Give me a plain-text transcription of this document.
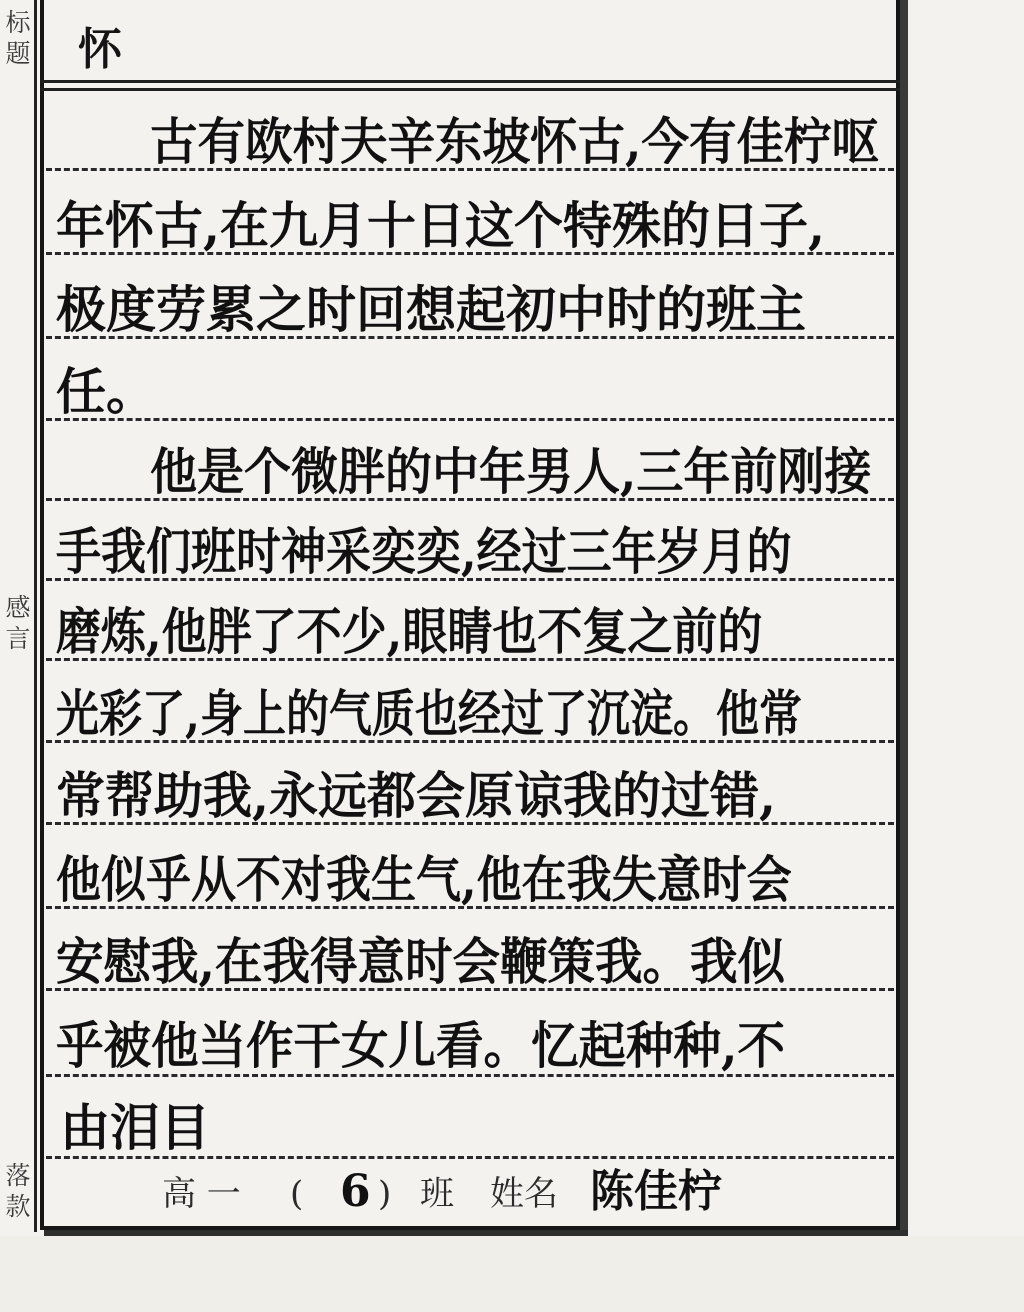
标题
感言
落款
怀
古有欧村夫辛东坡怀古,今有佳柠呕
年怀古,在九月十日这个特殊的日子,
极度劳累之时回想起初中时的班主
任。
他是个微胖的中年男人,三年前刚接
手我们班时神采奕奕,经过三年岁月的
磨炼,他胖了不少,眼睛也不复之前的
光彩了,身上的气质也经过了沉淀。他常
常帮助我,永远都会原谅我的过错,
他似乎从不对我生气,他在我失意时会
安慰我,在我得意时会鞭策我。我似
乎被他当作干女儿看。忆起种种,不
由泪目
高 一 ( 6 ) 班 姓名 陈佳柠
